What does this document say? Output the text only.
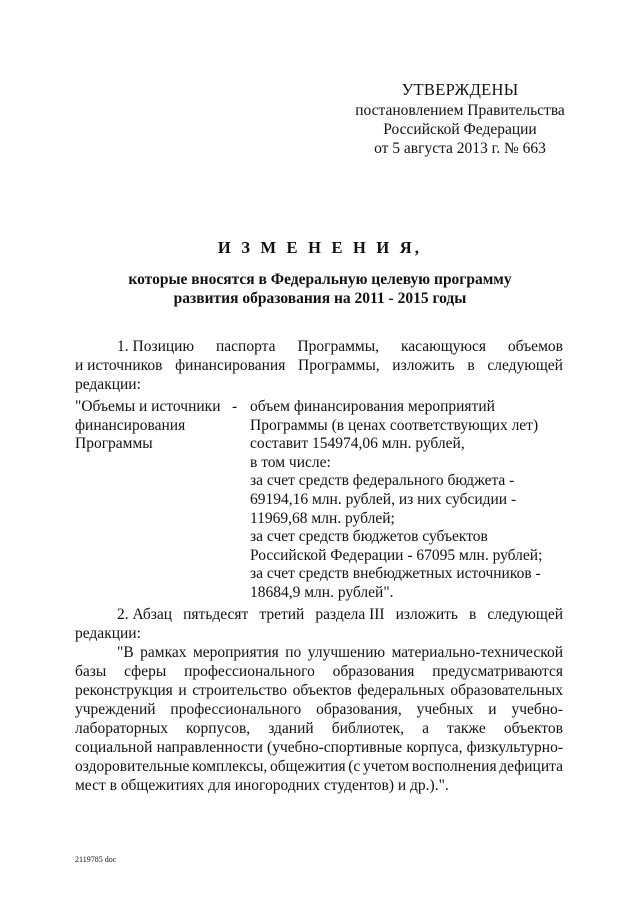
УТВЕРЖДЕНЫ
постановлением Правительства
Российской Федерации
от 5 августа 2013 г. № 663
И З М Е Н Е Н И Я,
которые вносятся в Федеральную целевую программу
развития образования на 2011 - 2015 годы
1. Позицию паспорта Программы, касающуюся объемов
и источников финансирования Программы, изложить в следующей
редакции:
"Объемы и источники
финансирования
Программы
- объем финансирования мероприятий
Программы (в ценах соответствующих лет)
составит 154974,06 млн. рублей,
в том числе:
за счет средств федерального бюджета -
69194,16 млн. рублей, из них субсидии -
11969,68 млн. рублей;
за счет средств бюджетов субъектов
Российской Федерации - 67095 млн. рублей;
за счет средств внебюджетных источников -
18684,9 млн. рублей".
2. Абзац пятьдесят третий раздела III изложить в следующей
редакции:
"В рамках мероприятия по улучшению материально-технической
базы сферы профессионального образования предусматриваются
реконструкция и строительство объектов федеральных образовательных
учреждений профессионального образования, учебных и учебно-
лабораторных корпусов, зданий библиотек, а также объектов
социальной направленности (учебно-спортивные корпуса, физкультурно-
оздоровительные комплексы, общежития (с учетом восполнения дефицита
мест в общежитиях для иногородних студентов) и др.).".
2119785 doc
